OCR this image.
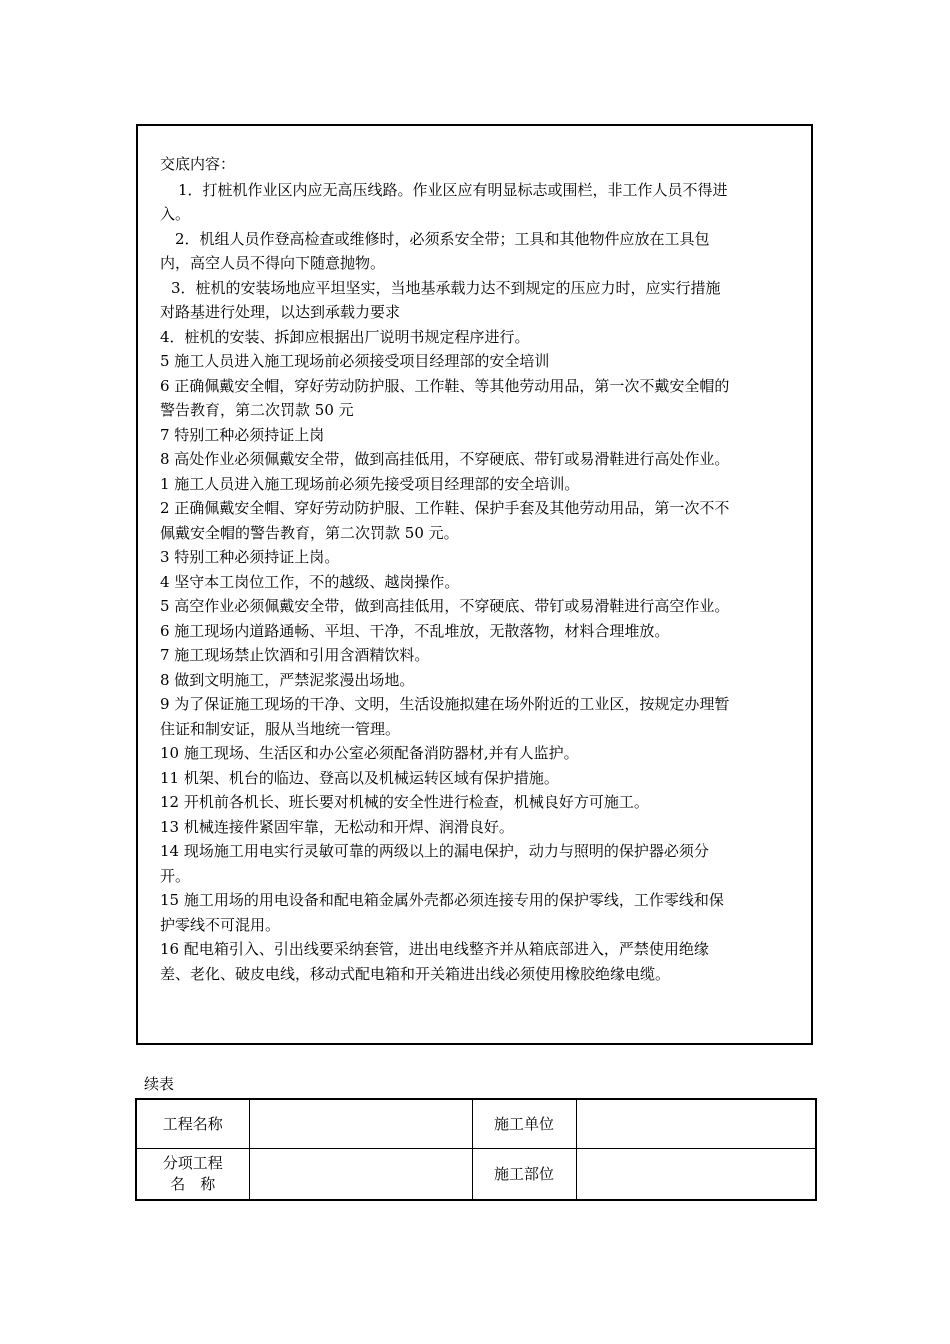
交底内容：

1．打桩机作业区内应无高压线路。作业区应有明显标志或围栏，非工作人员不得进

入。

2．机组人员作登高检查或维修时，必须系安全带；工具和其他物件应放在工具包

内，高空人员不得向下随意抛物。

3．桩机的安装场地应平坦坚实，当地基承载力达不到规定的压应力时，应实行措施

对路基进行处理，以达到承载力要求

4．桩机的安装、拆卸应根据出厂说明书规定程序进行。

5 施工人员进入施工现场前必须接受项目经理部的安全培训

6 正确佩戴安全帽，穿好劳动防护服、工作鞋、等其他劳动用品，第一次不戴安全帽的

警告教育，第二次罚款 50 元

7 特别工种必须持证上岗

8 高处作业必须佩戴安全带，做到高挂低用，不穿硬底、带钉或易滑鞋进行高处作业。

1 施工人员进入施工现场前必须先接受项目经理部的安全培训。

2 正确佩戴安全帽、穿好劳动防护服、工作鞋、保护手套及其他劳动用品，第一次不不

佩戴安全帽的警告教育，第二次罚款 50 元。

3 特别工种必须持证上岗。

4 坚守本工岗位工作，不的越级、越岗操作。

5 高空作业必须佩戴安全带，做到高挂低用，不穿硬底、带钉或易滑鞋进行高空作业。

6 施工现场内道路通畅、平坦、干净，不乱堆放，无散落物，材料合理堆放。

7 施工现场禁止饮酒和引用含酒精饮料。

8 做到文明施工，严禁泥浆漫出场地。

9 为了保证施工现场的干净、文明，生活设施拟建在场外附近的工业区，按规定办理暂

住证和制安证，服从当地统一管理。

10 施工现场、生活区和办公室必须配备消防器材,并有人监护。

11 机架、机台的临边、登高以及机械运转区域有保护措施。

12 开机前各机长、班长要对机械的安全性进行检查，机械良好方可施工。

13 机械连接件紧固牢靠，无松动和开焊、润滑良好。

14 现场施工用电实行灵敏可靠的两级以上的漏电保护，动力与照明的保护器必须分

开。

15 施工用场的用电设备和配电箱金属外壳都必须连接专用的保护零线，工作零线和保

护零线不可混用。

16 配电箱引入、引出线要采纳套管，进出电线整齐并从箱底部进入，严禁使用绝缘

差、老化、破皮电线，移动式配电箱和开关箱进出线必须使用橡胶绝缘电缆。

续表
工程名称		施工单位	

分项工程
名　称		施工部位	
